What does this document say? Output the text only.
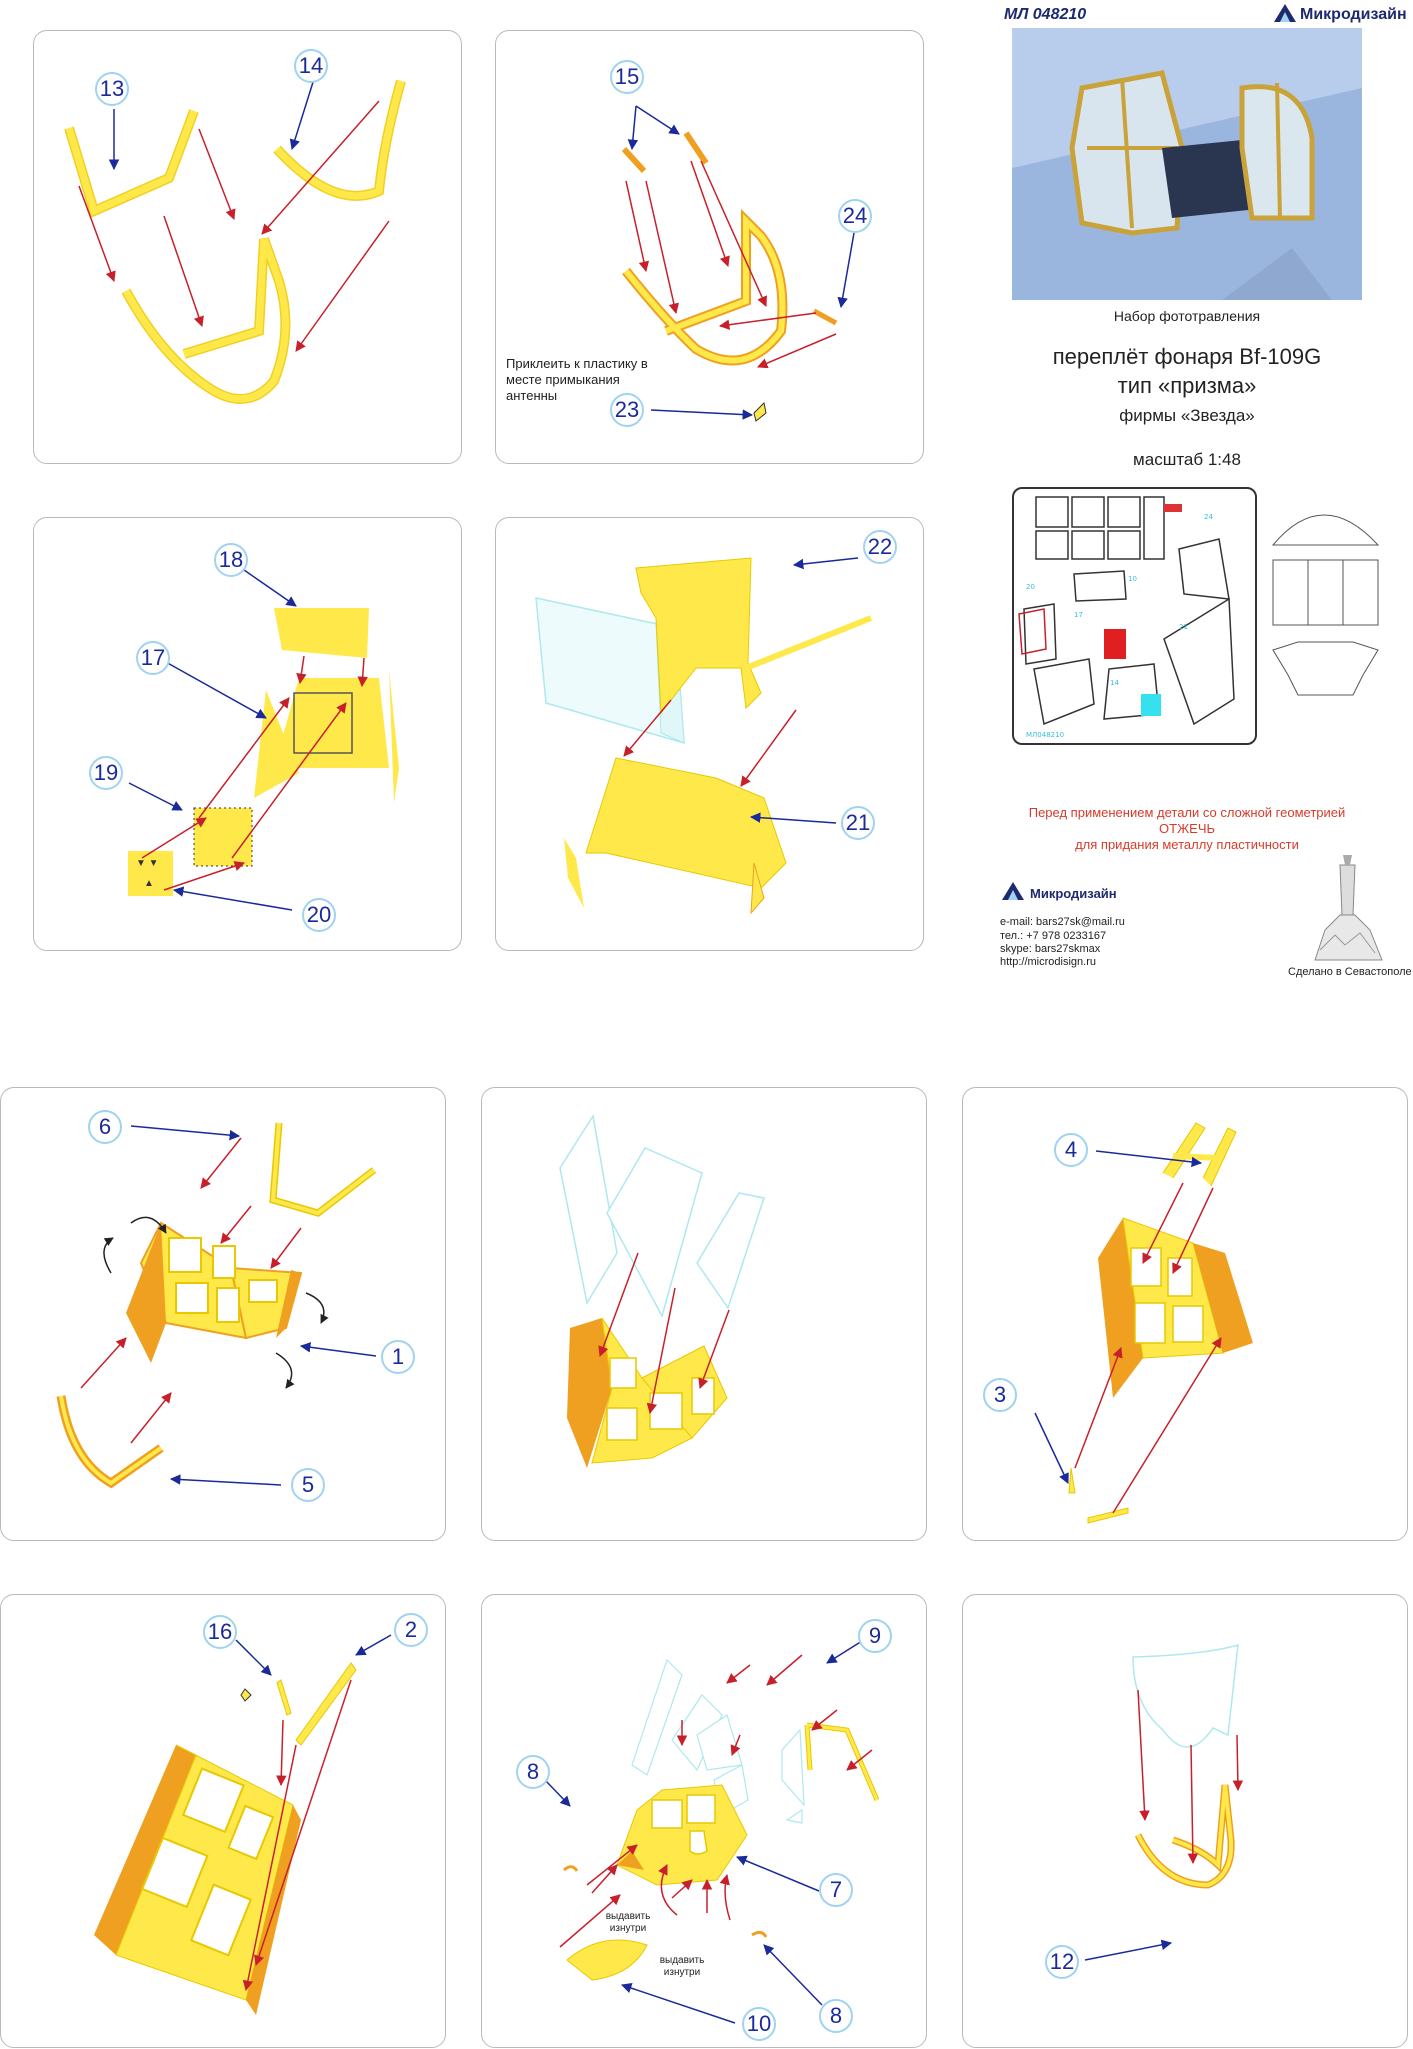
13
14	15
24
23
Приклеить к пластику в месте примыкания антенны
▼ ▼
▲
18
17
19
20
22
21
МЛ 048210	Микродизайн
Набор фототравления
переплёт фонаря Bf-109G
тип «призма»
фирмы «Звезда»
масштаб 1:48
20
17
14
10
24
21
МЛ048210
Перед применением детали со сложной геометрией
ОТЖЕЧЬ
для придания металлу пластичности
Микродизайн
e-mail: bars27sk@mail.ru
тел.: +7 978 0233167
skype: bars27skmax
http://microdisign.ru
Сделано в Севастополе
6
1
5
4
3
16	2	9
8
7
8
10
выдавить изнутри
выдавить изнутри	12
